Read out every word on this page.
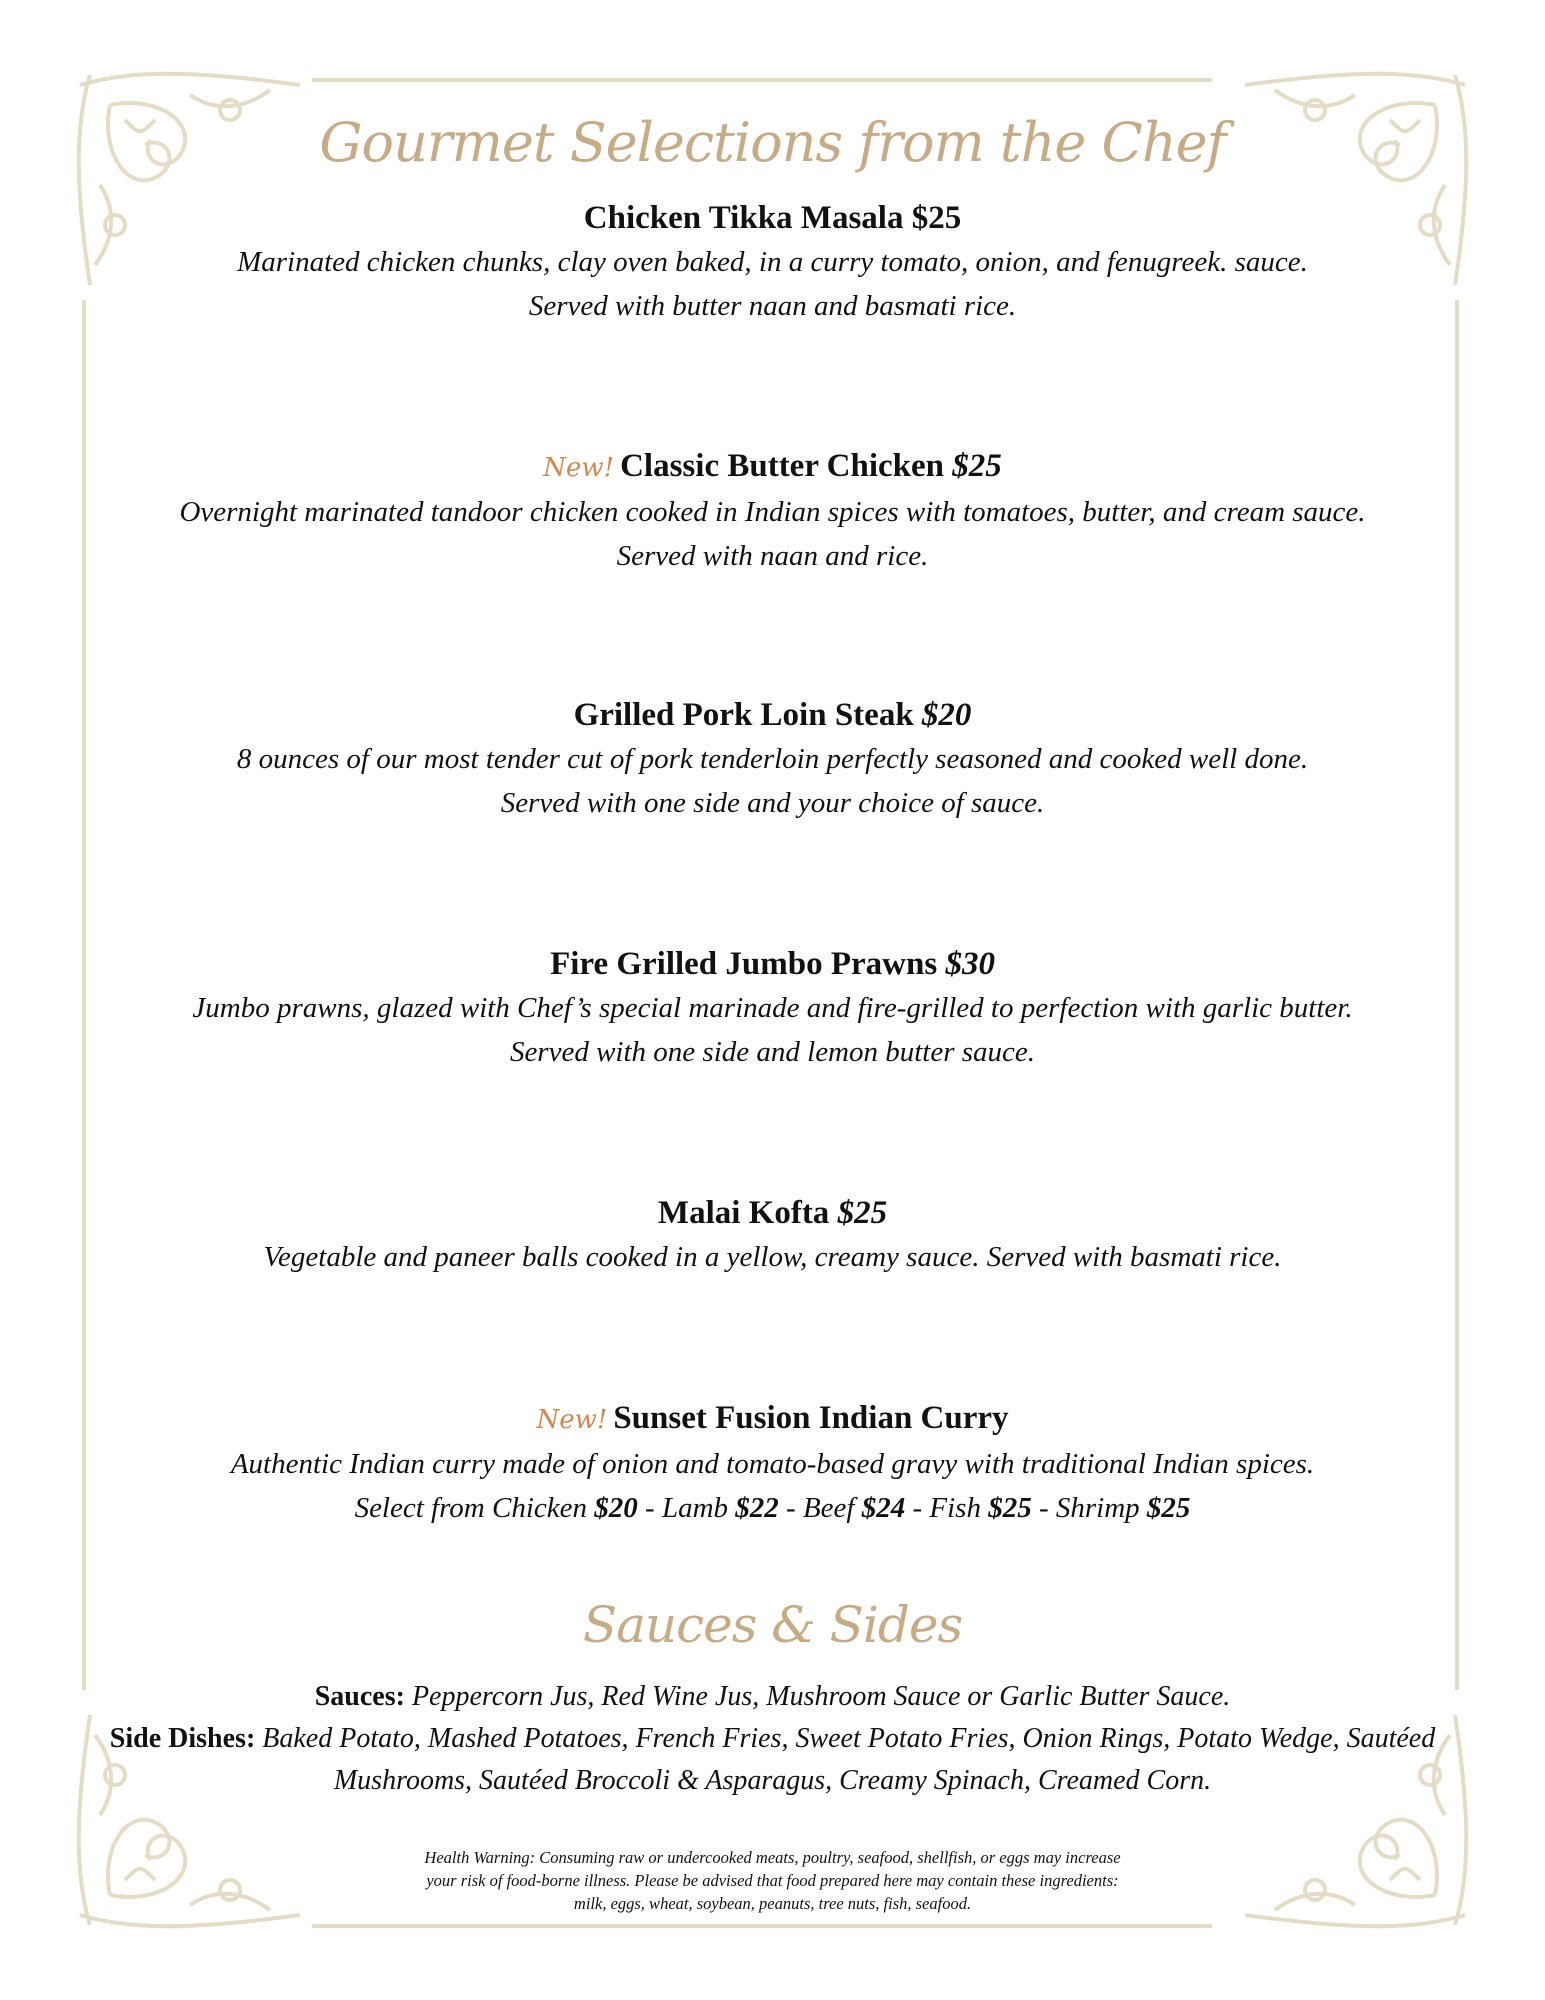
Gourmet Selections from the Chef
Chicken Tikka Masala $25
Marinated chicken chunks, clay oven baked, in a curry tomato, onion, and fenugreek. sauce.
Served with butter naan and basmati rice.
New! Classic Butter Chicken $25
Overnight marinated tandoor chicken cooked in Indian spices with tomatoes, butter, and cream sauce.
Served with naan and rice.
Grilled Pork Loin Steak $20
8 ounces of our most tender cut of pork tenderloin perfectly seasoned and cooked well done.
Served with one side and your choice of sauce.
Fire Grilled Jumbo Prawns $30
Jumbo prawns, glazed with Chef’s special marinade and fire-grilled to perfection with garlic butter.
Served with one side and lemon butter sauce.
Malai Kofta $25
Vegetable and paneer balls cooked in a yellow, creamy sauce. Served with basmati rice.
New! Sunset Fusion Indian Curry
Authentic Indian curry made of onion and tomato-based gravy with traditional Indian spices.
Select from Chicken $20 - Lamb $22 - Beef $24 - Fish $25 - Shrimp $25
Sauces & Sides
Sauces: Peppercorn Jus, Red Wine Jus, Mushroom Sauce or Garlic Butter Sauce.
Side Dishes: Baked Potato, Mashed Potatoes, French Fries, Sweet Potato Fries, Onion Rings, Potato Wedge, Sautéed Mushrooms, Sautéed Broccoli & Asparagus, Creamy Spinach, Creamed Corn.
Health Warning: Consuming raw or undercooked meats, poultry, seafood, shellfish, or eggs may increase
your risk of food-borne illness. Please be advised that food prepared here may contain these ingredients:
milk, eggs, wheat, soybean, peanuts, tree nuts, fish, seafood.
